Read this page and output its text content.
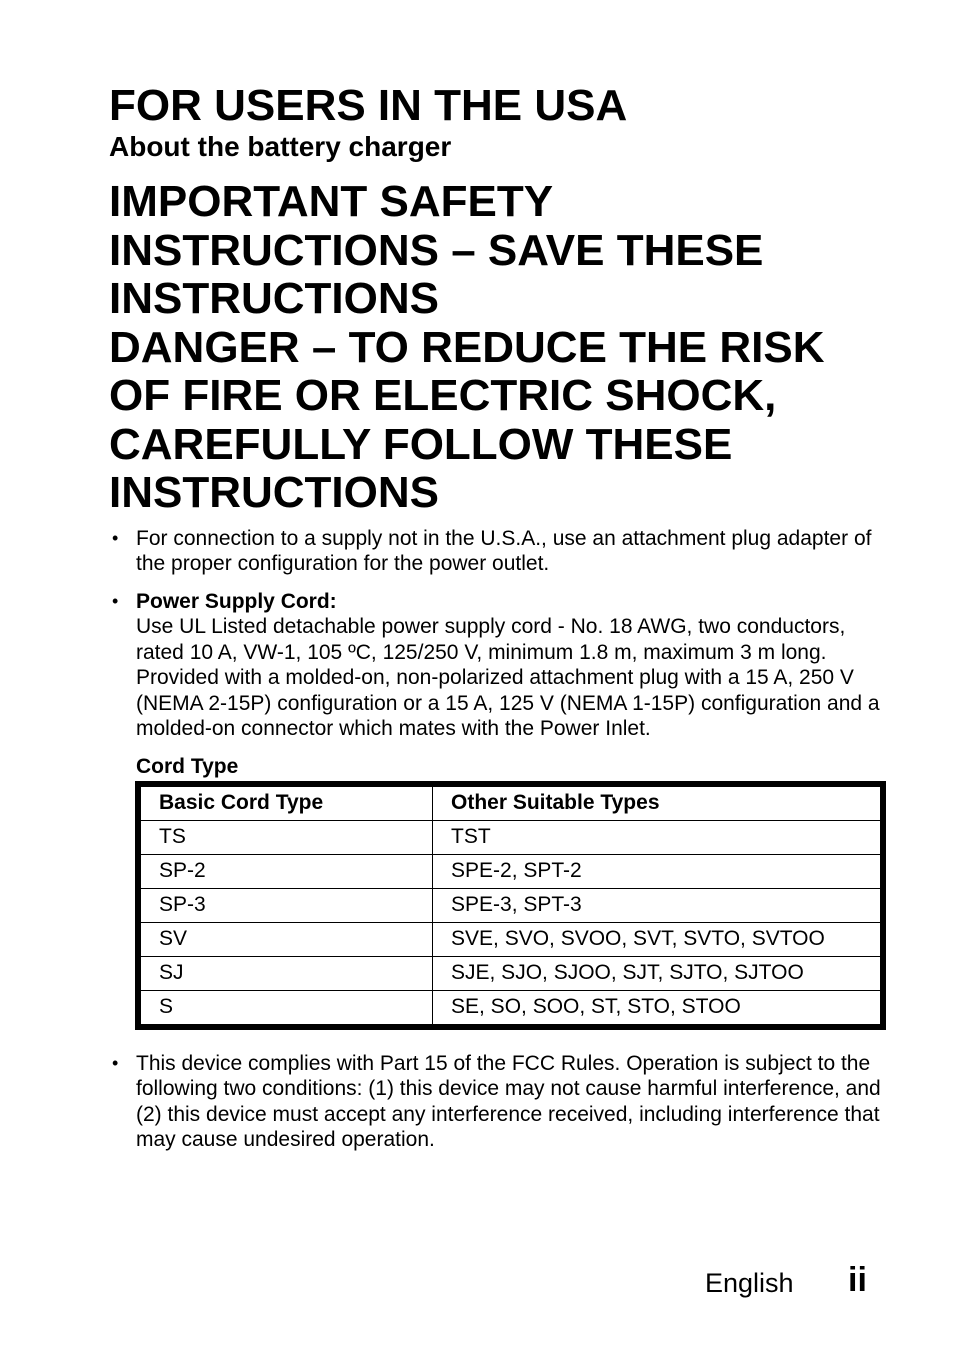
FOR USERS IN THE USA
About the battery charger
IMPORTANT SAFETY
INSTRUCTIONS – SAVE THESE
INSTRUCTIONS
DANGER – TO REDUCE THE RISK
OF FIRE OR ELECTRIC SHOCK,
CAREFULLY FOLLOW THESE
INSTRUCTIONS
• For connection to a supply not in the U.S.A., use an attachment plug adapter of the proper configuration for the power outlet.
• Power Supply Cord:
Use UL Listed detachable power supply cord - No. 18 AWG, two conductors, rated 10 A, VW-1, 105 ºC, 125/250 V, minimum 1.8 m, maximum 3 m long. Provided with a molded-on, non-polarized attachment plug with a 15 A, 250 V (NEMA 2-15P) configuration or a 15 A, 125 V (NEMA 1-15P) configuration and a molded-on connector which mates with the Power Inlet.
Cord Type
Basic Cord Type	Other Suitable Types
TS	TST
SP-2	SPE-2, SPT-2
SP-3	SPE-3, SPT-3
SV	SVE, SVO, SVOO, SVT, SVTO, SVTOO
SJ	SJE, SJO, SJOO, SJT, SJTO, SJTOO
S	SE, SO, SOO, ST, STO, STOO
• This device complies with Part 15 of the FCC Rules. Operation is subject to the following two conditions: (1) this device may not cause harmful interference, and (2) this device must accept any interference received, including interference that may cause undesired operation.
English ii
